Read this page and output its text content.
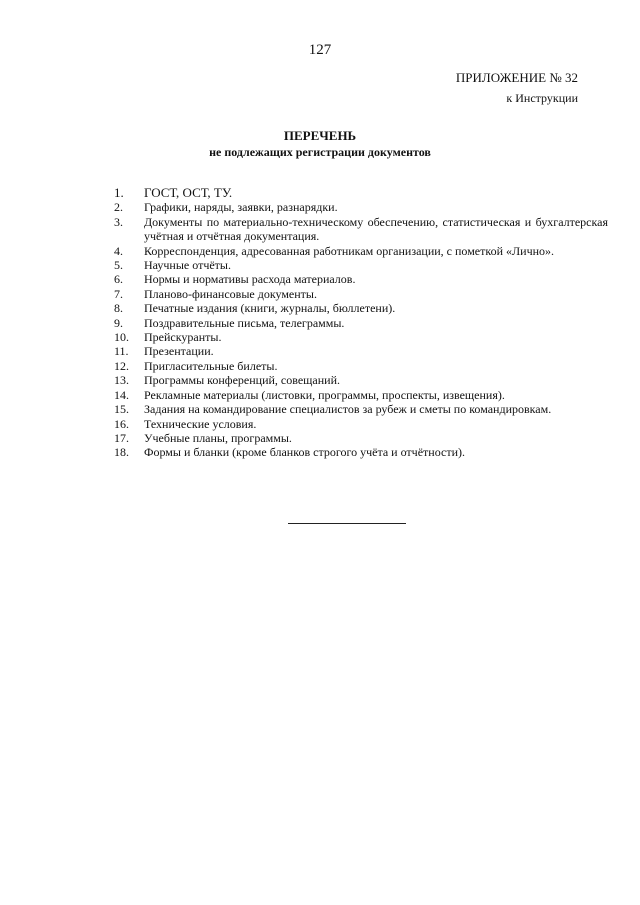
127
ПРИЛОЖЕНИЕ № 32
к Инструкции
ПЕРЕЧЕНЬ
не подлежащих регистрации документов
1.	ГОСТ, ОСТ, ТУ.
2.	Графики, наряды, заявки, разнарядки.
3.	Документы по материально-техническому обеспечению, статистическая и бухгалтерская учётная и отчётная документация.
4.	Корреспонденция, адресованная работникам организации, с пометкой «Лично».
5.	Научные отчёты.
6.	Нормы и нормативы расхода материалов.
7.	Планово-финансовые документы.
8.	Печатные издания (книги, журналы, бюллетени).
9.	Поздравительные письма, телеграммы.
10.	Прейскуранты.
11.	Презентации.
12.	Пригласительные билеты.
13.	Программы конференций, совещаний.
14.	Рекламные материалы (листовки, программы, проспекты, извещения).
15.	Задания на командирование специалистов за рубеж и сметы по командировкам.
16.	Технические условия.
17.	Учебные планы, программы.
18.	Формы и бланки (кроме бланков строгого учёта и отчётности).
